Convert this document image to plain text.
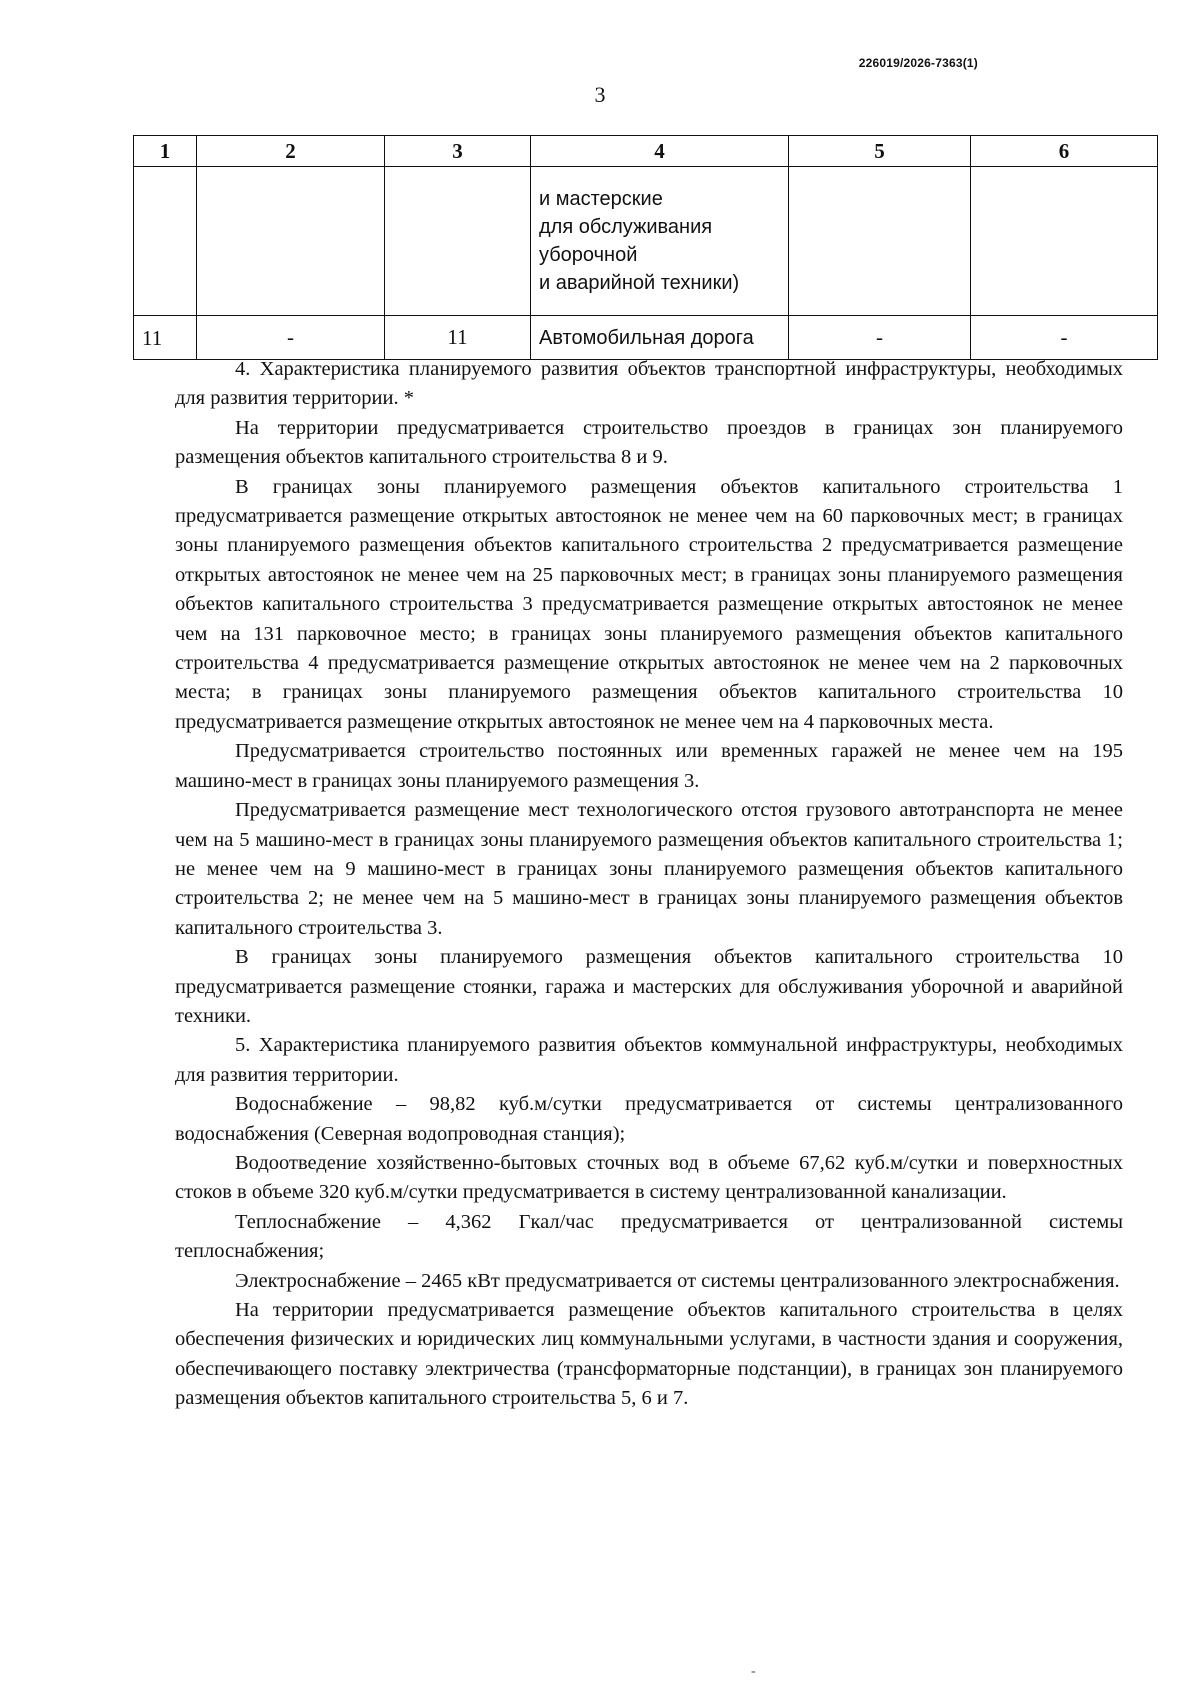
226019/2026-7363(1)
3
1	2	3	4	5	6

			и мастерские
для обслуживания
уборочной
и аварийной техники)		

11	-	11	Автомобильная дорога	-	-

4. Характеристика планируемого развития объектов транспортной инфраструктуры, необходимых для развития территории. *

На территории предусматривается строительство проездов в границах зон планируемого размещения объектов капитального строительства 8 и 9.

В границах зоны планируемого размещения объектов капитального строительства 1 предусматривается размещение открытых автостоянок не менее чем на 60 парковочных мест; в границах зоны планируемого размещения объектов капитального строительства 2 предусматривается размещение открытых автостоянок не менее чем на 25 парковочных мест; в границах зоны планируемого размещения объектов капитального строительства 3 предусматривается размещение открытых автостоянок не менее чем на 131 парковочное место; в границах зоны планируемого размещения объектов капитального строительства 4 предусматривается размещение открытых автостоянок не менее чем на 2 парковочных места; в границах зоны планируемого размещения объектов капитального строительства 10 предусматривается размещение открытых автостоянок не менее чем на 4 парковочных места.

Предусматривается строительство постоянных или временных гаражей не менее чем на 195 машино-мест в границах зоны планируемого размещения 3.

Предусматривается размещение мест технологического отстоя грузового автотранспорта не менее чем на 5 машино-мест в границах зоны планируемого размещения объектов капитального строительства 1; не менее чем на 9 машино-мест в границах зоны планируемого размещения объектов капитального строительства 2; не менее чем на 5 машино-мест в границах зоны планируемого размещения объектов капитального строительства 3.

В границах зоны планируемого размещения объектов капитального строительства 10 предусматривается размещение стоянки, гаража и мастерских для обслуживания уборочной и аварийной техники.

5. Характеристика планируемого развития объектов коммунальной инфраструктуры, необходимых для развития территории.

Водоснабжение – 98,82 куб.м/сутки предусматривается от системы централизованного водоснабжения (Северная водопроводная станция);

Водоотведение хозяйственно-бытовых сточных вод в объеме 67,62 куб.м/сутки и поверхностных стоков в объеме 320 куб.м/сутки предусматривается в систему централизованной канализации.

Теплоснабжение – 4,362 Гкал/час предусматривается от централизованной системы теплоснабжения;

Электроснабжение – 2465 кВт предусматривается от системы централизованного электроснабжения.

На территории предусматривается размещение объектов капитального строительства в целях обеспечения физических и юридических лиц коммунальными услугами, в частности здания и сооружения, обеспечивающего поставку электричества (трансформаторные подстанции), в границах зон планируемого размещения объектов капитального строительства 5, 6 и 7.

-
